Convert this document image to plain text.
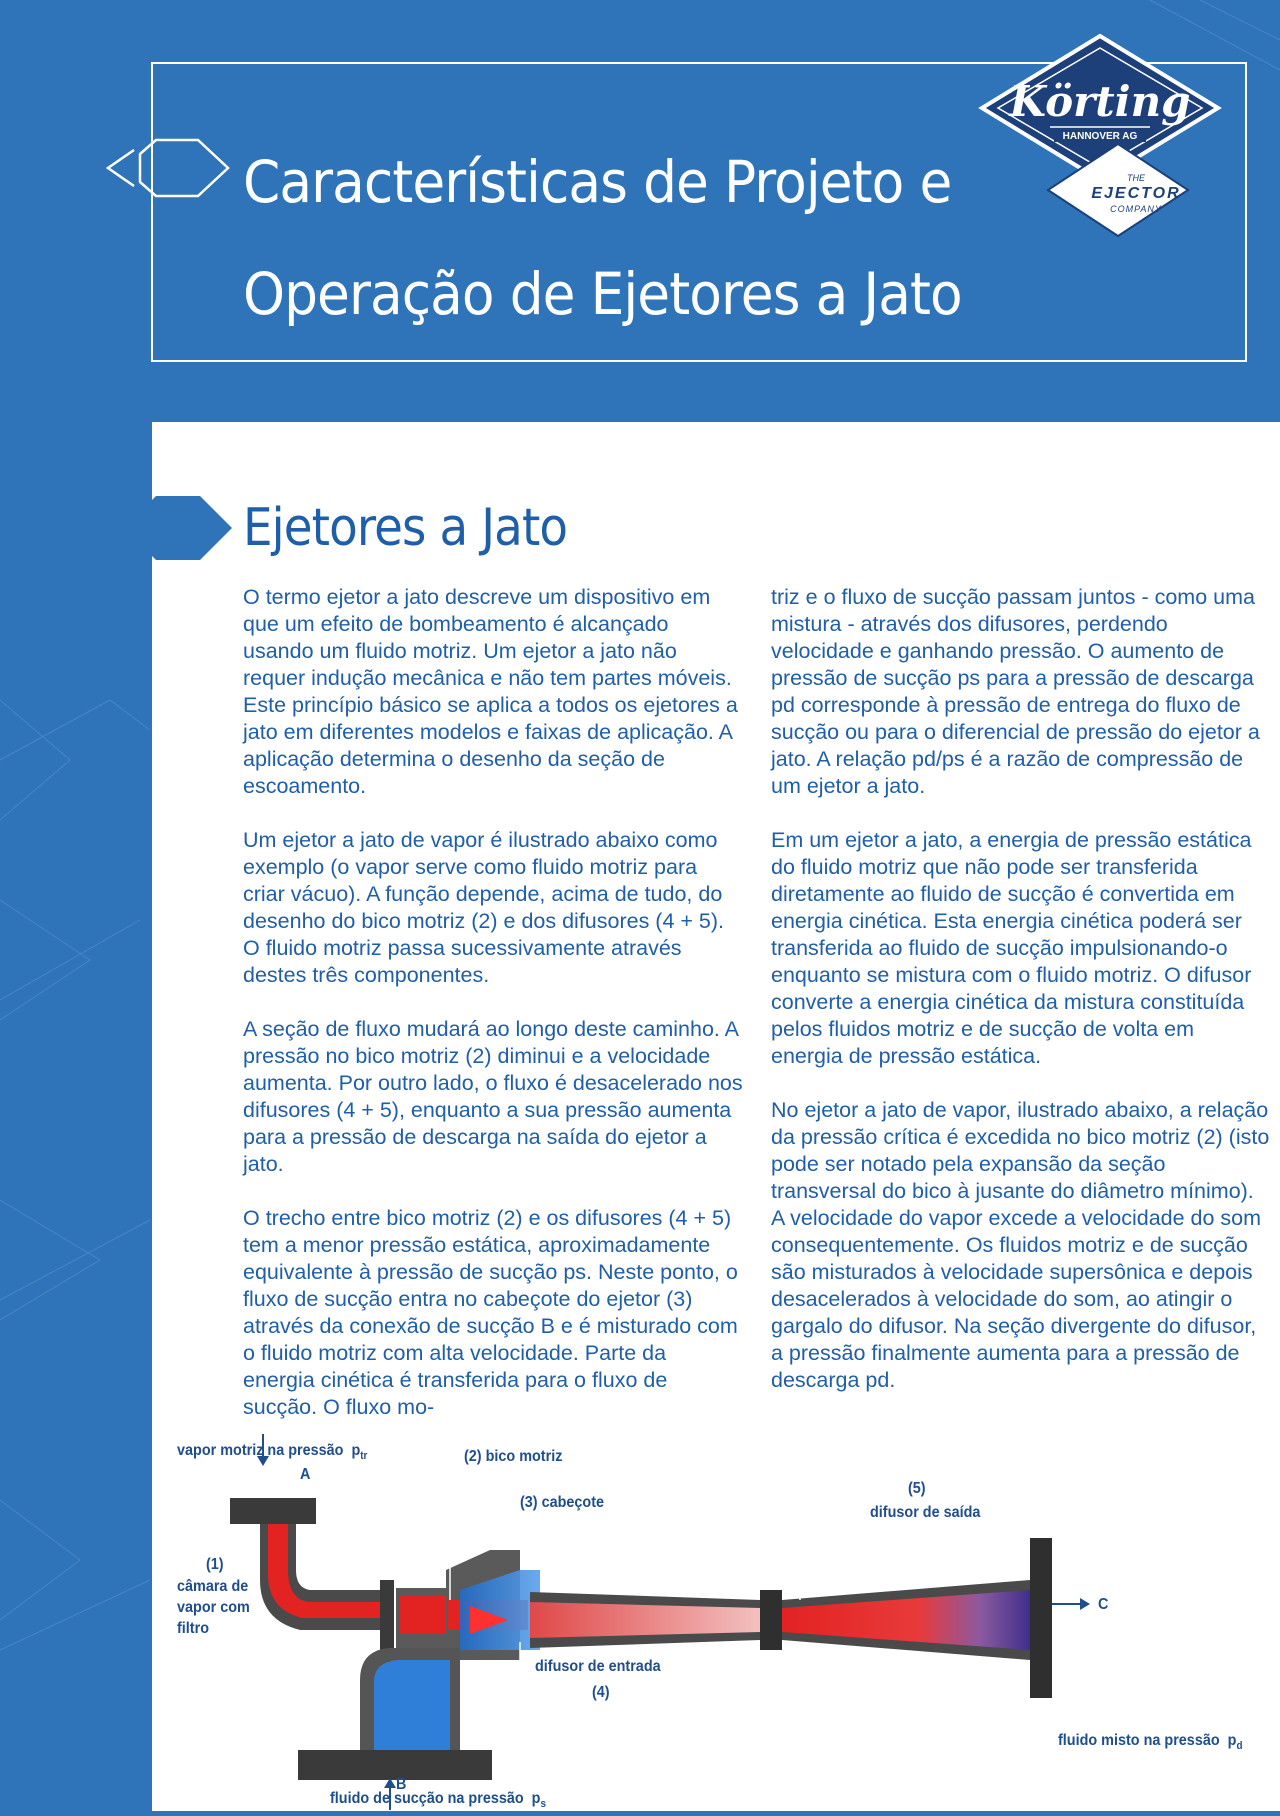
Características de Projeto e
Operação de Ejetores a Jato
Körting
HANNOVER AG
THE
EJECTOR
COMPANY
Ejetores a Jato

O termo ejetor a jato descreve um dispositivo em que um efeito de bombeamento é alcançado usando um fluido motriz. Um ejetor a jato não requer indução mecânica e não tem partes móveis. Este princípio básico se aplica a todos os ejetores a jato em diferentes modelos e faixas de aplicação. A aplicação determina o desenho da seção de escoamento.

Um ejetor a jato de vapor é ilustrado abaixo como exemplo (o vapor serve como fluido motriz para criar vácuo). A função depende, acima de tudo, do desenho do bico motriz (2) e dos difusores (4 + 5). O fluido motriz passa sucessivamente através destes três componentes.

A seção de fluxo mudará ao longo deste caminho. A pressão no bico motriz (2) diminui e a velocidade aumenta. Por outro lado, o fluxo é desacelerado nos difusores (4 + 5), enquanto a sua pressão aumenta para a pressão de descarga na saída do ejetor a jato.

O trecho entre bico motriz (2) e os difusores (4 + 5) tem a menor pressão estática, aproximadamente equivalente à pressão de sucção ps. Neste ponto, o fluxo de sucção entra no cabeçote do ejetor (3) através da conexão de sucção B e é misturado com o fluido motriz com alta velocidade. Parte da energia cinética é transferida para o fluxo de sucção. O fluxo mo-

triz e o fluxo de sucção passam juntos - como uma mistura - através dos difusores, perdendo velocidade e ganhando pressão. O aumento de pressão de sucção ps para a pressão de descarga pd corresponde à pressão de entrega do fluxo de sucção ou para o diferencial de pressão do ejetor a jato. A relação pd/ps é a razão de compressão de um ejetor a jato.

Em um ejetor a jato, a energia de pressão estática do fluido motriz que não pode ser transferida diretamente ao fluido de sucção é convertida em energia cinética. Esta energia cinética poderá ser transferida ao fluido de sucção impulsionando-o enquanto se mistura com o fluido motriz. O difusor converte a energia cinética da mistura constituída pelos fluidos motriz e de sucção de volta em energia de pressão estática.

No ejetor a jato de vapor, ilustrado abaixo, a relação da pressão crítica é excedida no bico motriz (2) (isto pode ser notado pela expansão da seção transversal do bico à jusante do diâmetro mínimo). A velocidade do vapor excede a velocidade do som consequentemente. Os fluidos motriz e de sucção são misturados à velocidade supersônica e depois desacelerados à velocidade do som, ao atingir o gargalo do difusor. Na seção divergente do difusor, a pressão finalmente aumenta para a pressão de descarga pd.

vapor motriz na pressão $p_{tr}$
A
(2) bico motriz
(3) cabeçote
(5)
difusor de saída
(1)
câmara de
vapor com
filtro
C
difusor de entrada
(4)
fluido misto na pressão $p_d$
B
fluido de sucção na pressão $p_s$
